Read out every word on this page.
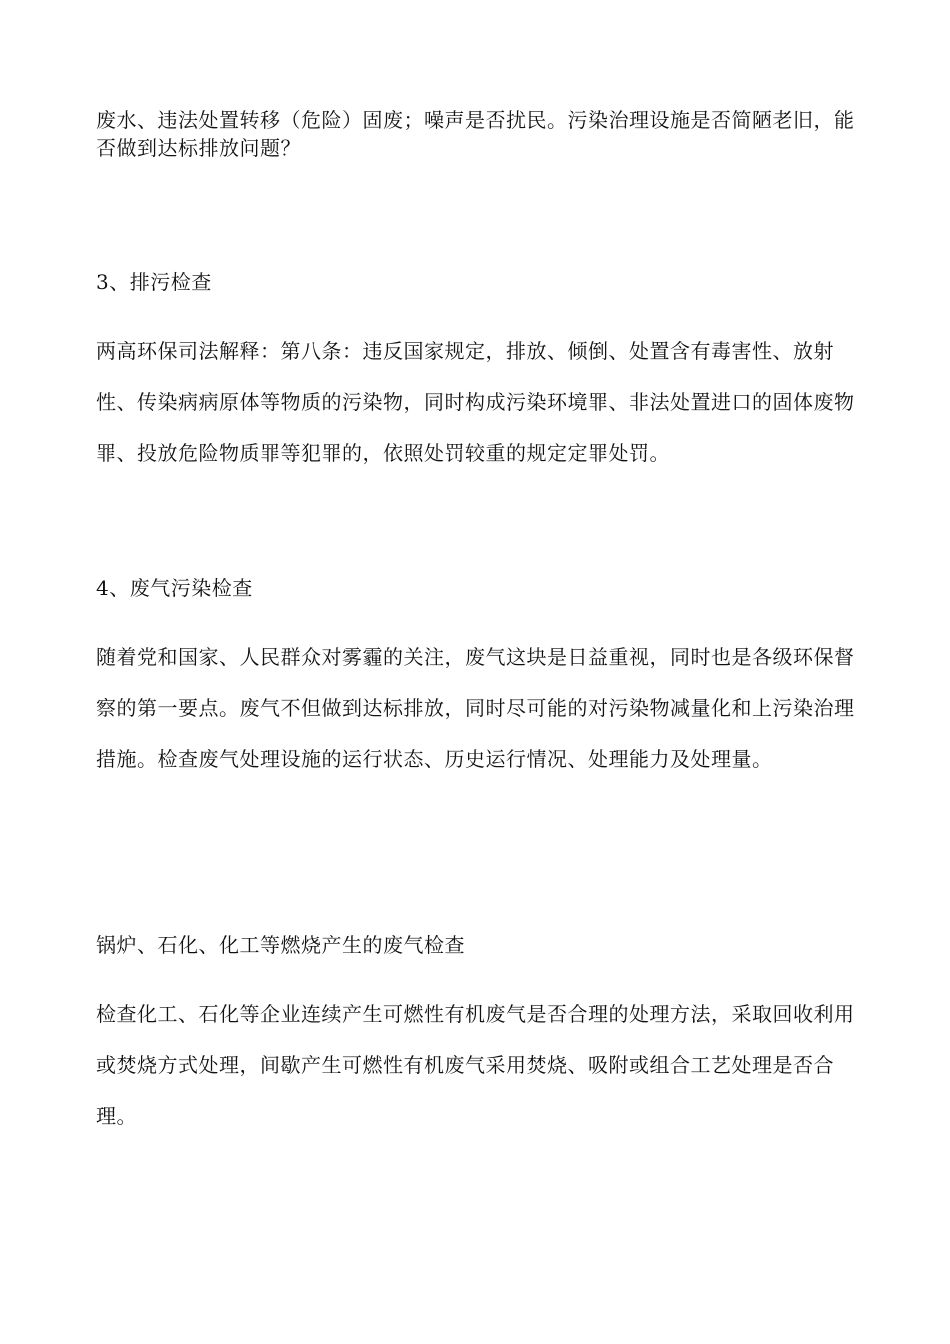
废水、违法处置转移（危险）固废；噪声是否扰民。污染治理设施是否简陋老旧，能否做到达标排放问题？

3、排污检查

两高环保司法解释：第八条：违反国家规定，排放、倾倒、处置含有毒害性、放射性、传染病病原体等物质的污染物，同时构成污染环境罪、非法处置进口的固体废物罪、投放危险物质罪等犯罪的，依照处罚较重的规定定罪处罚。

4、废气污染检查

随着党和国家、人民群众对雾霾的关注，废气这块是日益重视，同时也是各级环保督察的第一要点。废气不但做到达标排放，同时尽可能的对污染物减量化和上污染治理措施。检查废气处理设施的运行状态、历史运行情况、处理能力及处理量。

锅炉、石化、化工等燃烧产生的废气检查

检查化工、石化等企业连续产生可燃性有机废气是否合理的处理方法，采取回收利用或焚烧方式处理，间歇产生可燃性有机废气采用焚烧、吸附或组合工艺处理是否合理。
